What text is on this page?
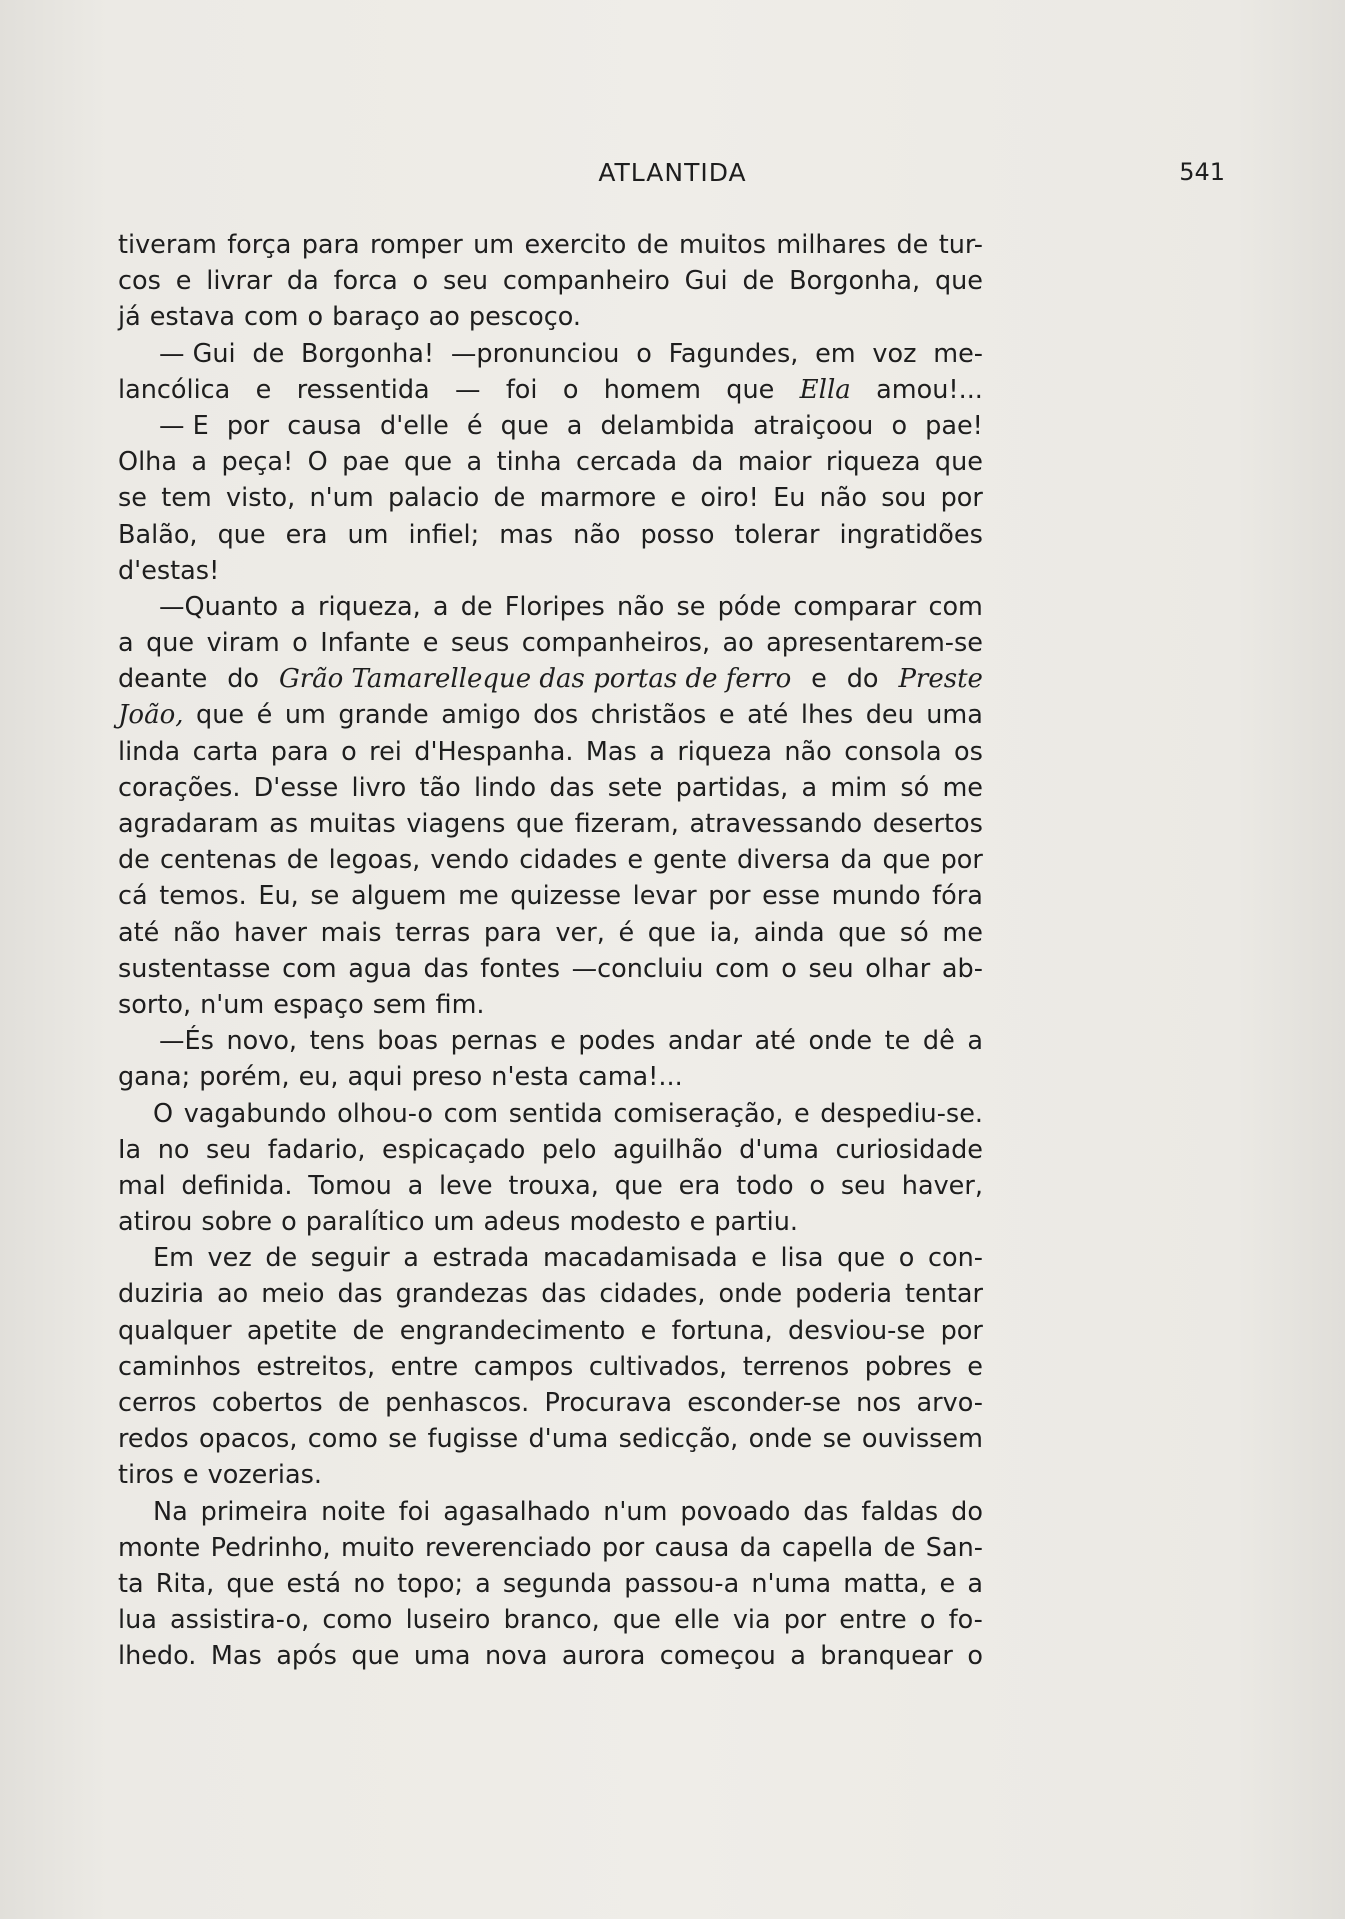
ATLANTIDA	541
tiveram força para romper um exercito de muitos milhares de tur-
cos e livrar da forca o seu companheiro Gui de Borgonha, que
já estava com o baraço ao pescoço.
— Gui de Borgonha! —pronunciou o Fagundes, em voz me-
lancólica e ressentida — foi o homem que Ella amou!...
— E por causa d'elle é que a delambida atraiçoou o pae!
Olha a peça! O pae que a tinha cercada da maior riqueza que
se tem visto, n'um palacio de marmore e oiro! Eu não sou por
Balão, que era um infiel; mas não posso tolerar ingratidões
d'estas!
—Quanto a riqueza, a de Floripes não se póde comparar com
a que viram o Infante e seus companheiros, ao apresentarem-se
deante do Grão Tamarelleque das portas de ferro e do Preste
João, que é um grande amigo dos christãos e até lhes deu uma
linda carta para o rei d'Hespanha. Mas a riqueza não consola os
corações. D'esse livro tão lindo das sete partidas, a mim só me
agradaram as muitas viagens que fizeram, atravessando desertos
de centenas de legoas, vendo cidades e gente diversa da que por
cá temos. Eu, se alguem me quizesse levar por esse mundo fóra
até não haver mais terras para ver, é que ia, ainda que só me
sustentasse com agua das fontes —concluiu com o seu olhar ab-
sorto, n'um espaço sem fim.
—És novo, tens boas pernas e podes andar até onde te dê a
gana; porém, eu, aqui preso n'esta cama!...
O vagabundo olhou-o com sentida comiseração, e despediu-se.
Ia no seu fadario, espicaçado pelo aguilhão d'uma curiosidade
mal definida. Tomou a leve trouxa, que era todo o seu haver,
atirou sobre o paralítico um adeus modesto e partiu.
Em vez de seguir a estrada macadamisada e lisa que o con-
duziria ao meio das grandezas das cidades, onde poderia tentar
qualquer apetite de engrandecimento e fortuna, desviou-se por
caminhos estreitos, entre campos cultivados, terrenos pobres e
cerros cobertos de penhascos. Procurava esconder-se nos arvo-
redos opacos, como se fugisse d'uma sedicção, onde se ouvissem
tiros e vozerias.
Na primeira noite foi agasalhado n'um povoado das faldas do
monte Pedrinho, muito reverenciado por causa da capella de San-
ta Rita, que está no topo; a segunda passou-a n'uma matta, e a
lua assistira-o, como luseiro branco, que elle via por entre o fo-
lhedo. Mas após que uma nova aurora começou a branquear o
